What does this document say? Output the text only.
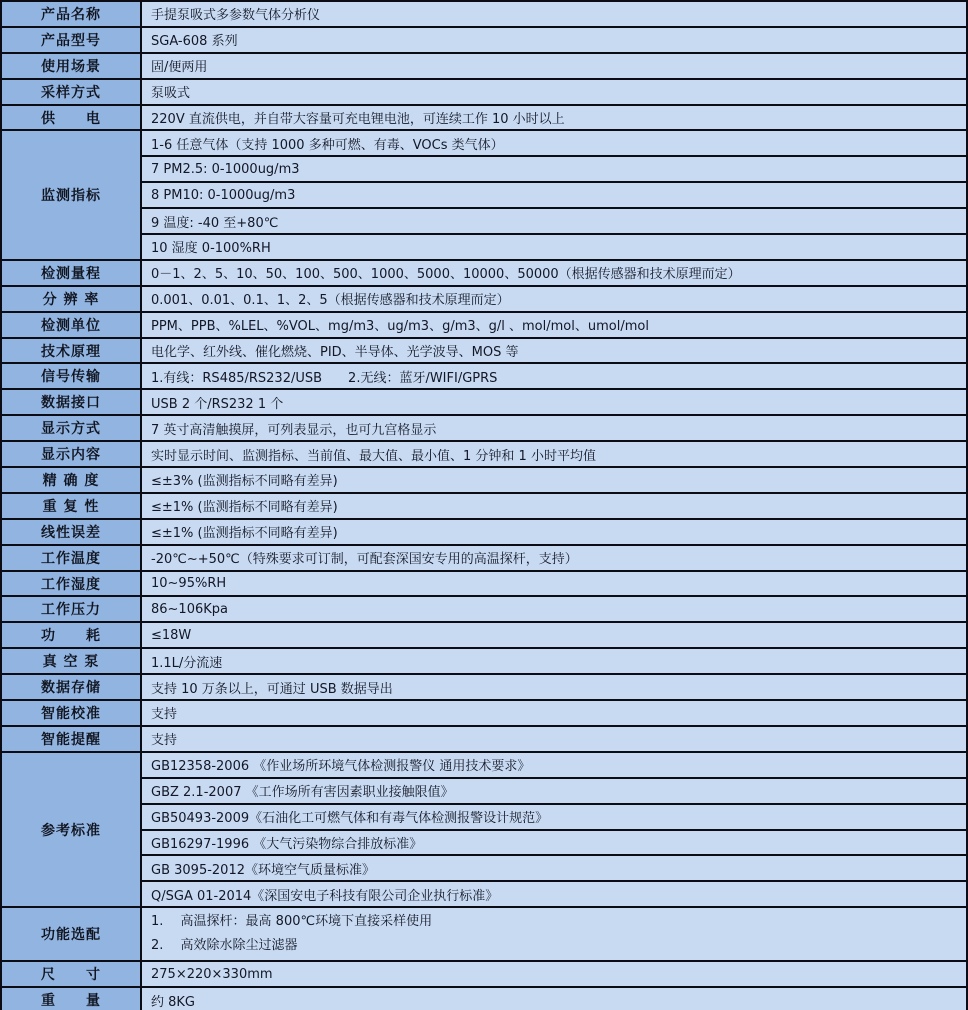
产品名称	手提泵吸式多参数气体分析仪
产品型号	SGA-608 系列
使用场景	固/便两用
采样方式	泵吸式
供　　电	220V 直流供电，并自带大容量可充电锂电池，可连续工作 10 小时以上
监测指标	1-6 任意气体（支持 1000 多种可燃、有毒、VOCs 类气体）
	7 PM2.5: 0-1000ug/m3
	8 PM10: 0-1000ug/m3
	9 温度: -40 至+80℃
	10 湿度 0-100%RH
检测量程	0－1、2、5、10、50、100、500、1000、5000、10000、50000（根据传感器和技术原理而定）
分 辨 率	0.001、0.01、0.1、1、2、5（根据传感器和技术原理而定）
检测单位	PPM、PPB、%LEL、%VOL、mg/m3、ug/m3、g/m3、g/l 、mol/mol、umol/mol
技术原理	电化学、红外线、催化燃烧、PID、半导体、光学波导、MOS 等
信号传输	1.有线：RS485/RS232/USB　　2.无线：蓝牙/WIFI/GPRS
数据接口	USB 2 个/RS232 1 个
显示方式	7 英寸高清触摸屏，可列表显示，也可九宫格显示
显示内容	实时显示时间、监测指标、当前值、最大值、最小值、1 分钟和 1 小时平均值
精 确 度	≤±3% (监测指标不同略有差异)
重 复 性	≤±1% (监测指标不同略有差异)
线性误差	≤±1% (监测指标不同略有差异)
工作温度	-20℃~+50℃（特殊要求可订制，可配套深国安专用的高温探杆，支持）
工作湿度	10~95%RH
工作压力	86~106Kpa
功　　耗	≤18W
真 空 泵	1.1L/分流速
数据存储	支持 10 万条以上，可通过 USB 数据导出
智能校准	支持
智能提醒	支持
参考标准	GB12358-2006 《作业场所环境气体检测报警仪 通用技术要求》
	GBZ 2.1-2007 《工作场所有害因素职业接触限值》
	GB50493-2009《石油化工可燃气体和有毒气体检测报警设计规范》
	GB16297-1996 《大气污染物综合排放标准》
	GB 3095-2012《环境空气质量标准》
	Q/SGA 01-2014《深国安电子科技有限公司企业执行标准》
功能选配	1.　 高温探杆：最高 800℃环境下直接采样使用
2.　 高效除水除尘过滤器

尺　　寸	275×220×330mm
重　　量	约 8KG
